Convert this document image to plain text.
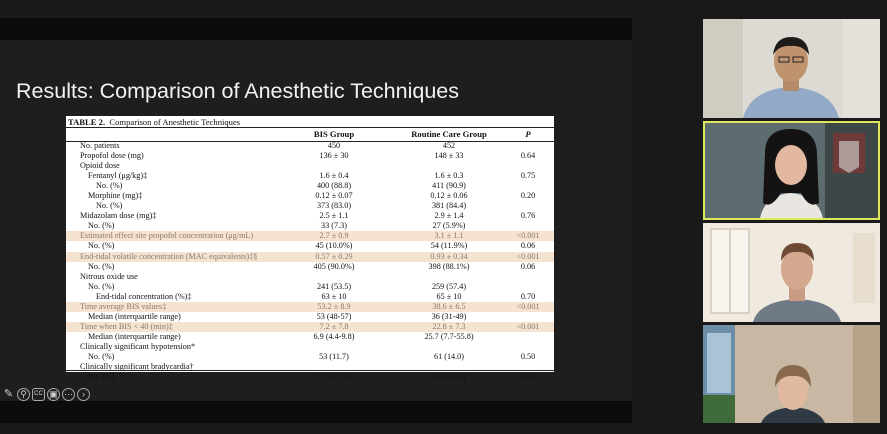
Results: Comparison of Anesthetic Techniques
TABLE 2. Comparison of Anesthetic Techniques
BIS Group	Routine Care Group	P
No. patients	450	452
Propofol dose (mg)	136 ± 30	148 ± 33	0.64
Opioid dose
Fentanyl (μg/kg)‡	1.6 ± 0.4	1.6 ± 0.3	0.75
No. (%)	400 (88.8)	411 (90.9)
Morphine (mg)‡	0.12 ± 0.07	0.12 ± 0.06	0.20
No. (%)	373 (83.0)	381 (84.4)
Midazolam dose (mg)‡	2.5 ± 1.1	2.9 ± 1.4	0.76
No. (%)	33 (7.3)	27 (5.9%)
Estimated effect site propofol concentration (μg/mL)	2.7 ± 0.9	3.1 ± 1.1	<0.001
No. (%)	45 (10.0%)	54 (11.9%)	0.06
End-tidal volatile concentration (MAC equivalents)‡§	0.57 ± 0.29	0.93 ± 0.34	<0.001
No. (%)	405 (90.0%)	398 (88.1%)	0.06
Nitrous oxide use
No. (%)	241 (53.5)	259 (57.4)
End-tidal concentration (%)‡	63 ± 10	65 ± 10	0.70
Time average BIS values‡	53.2 ± 8.9	38.6 ± 6.5	<0.001
Median (interquartile range)	53 (48-57)	36 (31-49)
Time when BIS < 40 (min)‡	7.2 ± 7.8	22.8 ± 7.3	<0.001
Median (interquartile range)	6.9 (4.4-9.8)	25.7 (7.7-55.8)
Clinically significant hypotension*
No. (%)	53 (11.7)	61 (14.0)	0.50
Clinically significant bradycardia†
No. (%)	17 (3.7%)	20 (4.4%)	0.11
✎ ⚲	CC ▣ ⋯	›
